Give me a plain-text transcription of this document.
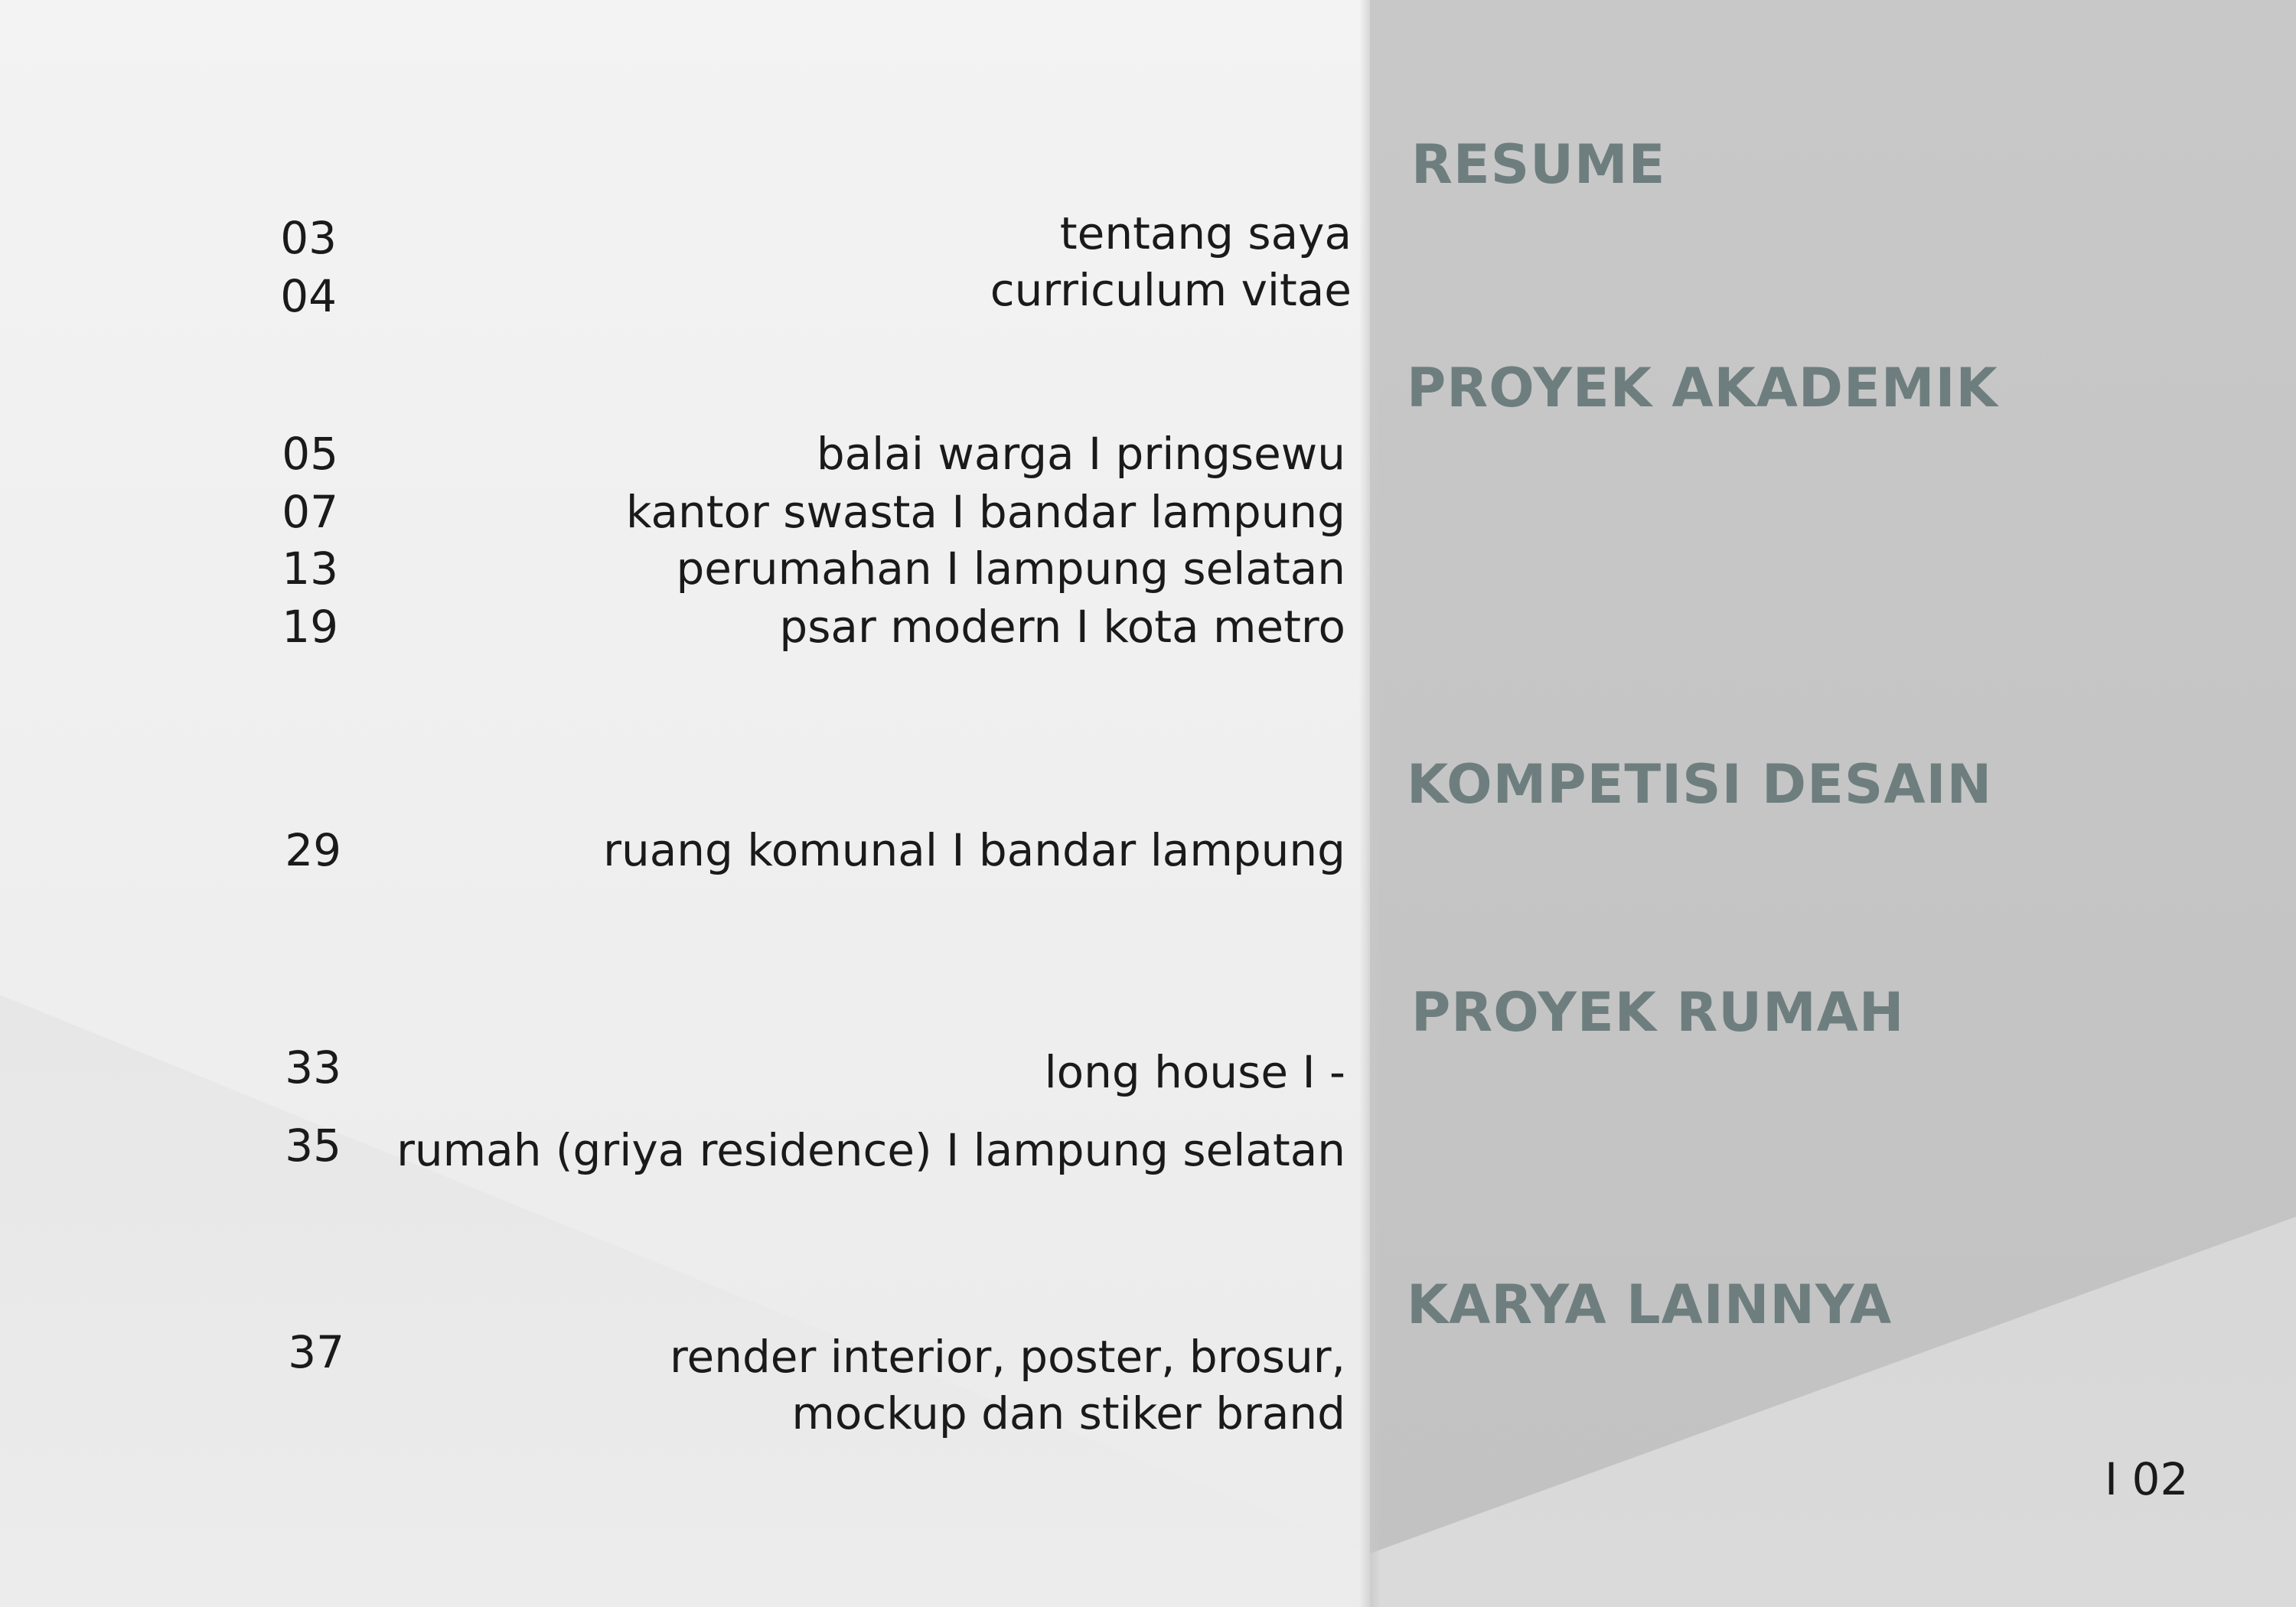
RESUME
PROYEK AKADEMIK
KOMPETISI DESAIN
PROYEK RUMAH
KARYA LAINNYA
03	tentang saya
04	curriculum vitae
05	balai warga I pringsewu
07	kantor swasta I bandar lampung
13	perumahan I lampung selatan
19	psar modern I kota metro
29	ruang komunal I bandar lampung
33	long house I -
35	rumah (griya residence) I lampung selatan
37	render interior, poster, brosur,
mockup dan stiker brand
I 02
